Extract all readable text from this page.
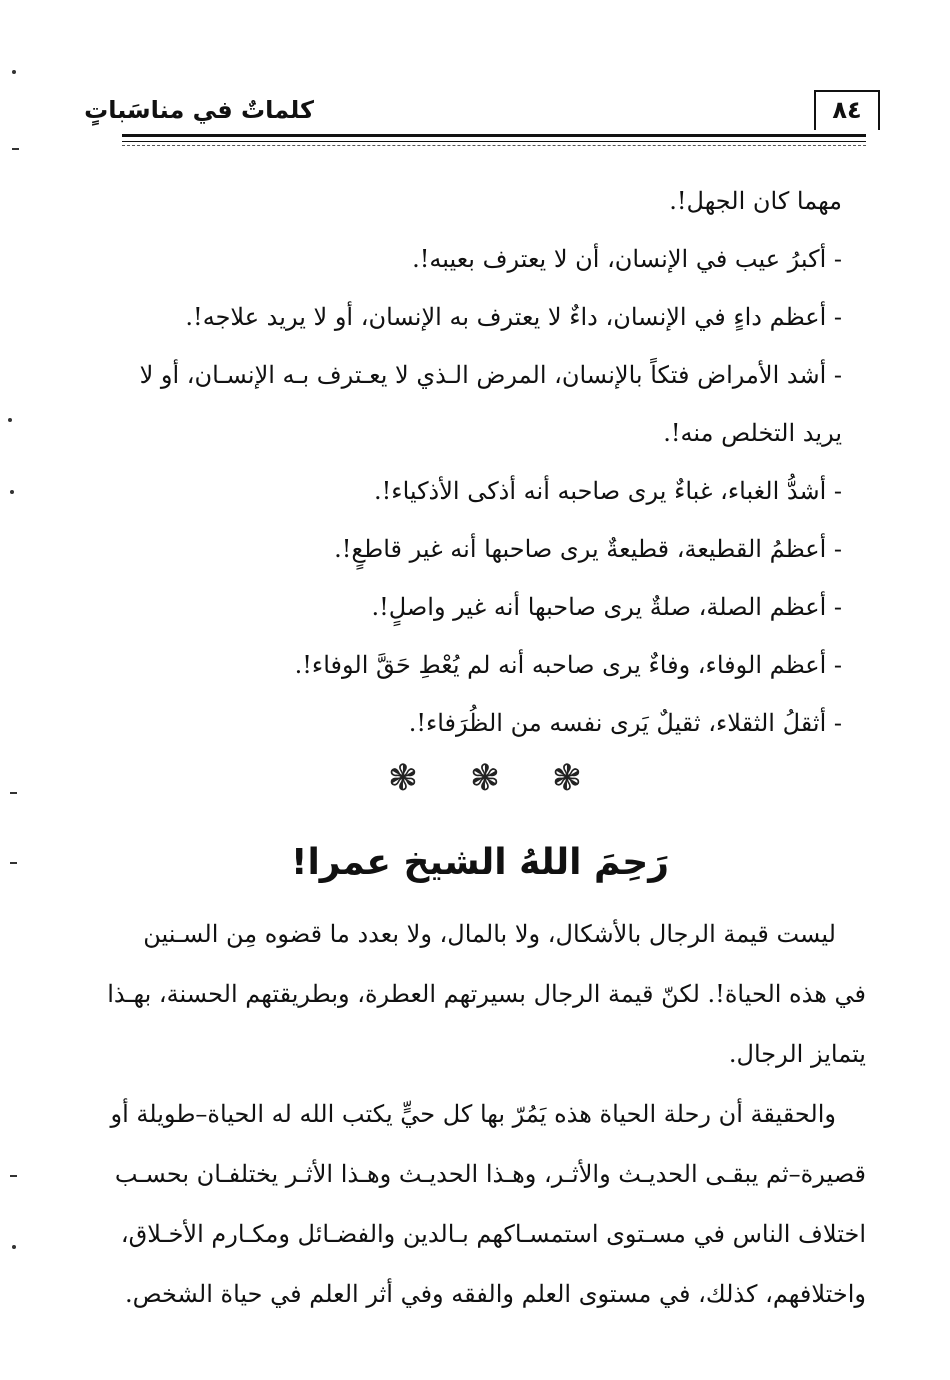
كلماتٌ في مناسَباتٍ	٨٤
مهما كان الجهل!.
- أكبرُ عيب في الإنسان، أن لا يعترف بعيبه!.
- أعظم داءٍ في الإنسان، داءٌ لا يعترف به الإنسان، أو لا يريد علاجه!.
- أشد الأمراض فتكاً بالإنسان، المرض الـذي لا يعـترف بـه الإنسـان، أو لا
يريد التخلص منه!.
- أشدُّ الغباء، غباءٌ يرى صاحبه أنه أذكى الأذكياء!.
- أعظمُ القطيعة، قطيعةٌ يرى صاحبها أنه غير قاطعٍ!.
- أعظم الصلة، صلةٌ يرى صاحبها أنه غير واصلٍ!.
- أعظم الوفاء، وفاءٌ يرى صاحبه أنه لم يُعْطِ حَقَّ الوفاء!.
- أثقلُ الثقلاء، ثقيلٌ يَرى نفسه من الظُرَفاء!.
❃ ❃ ❃
رَحِمَ اللهُ الشيخ عمرا!
ليست قيمة الرجال بالأشكال، ولا بالمال، ولا بعدد ما قضوه مِن السـنين
في هذه الحياة!. لكنّ قيمة الرجال بسيرتهم العطرة، وبطريقتهم الحسنة، بهـذا
يتمايز الرجال.
والحقيقة أن رحلة الحياة هذه يَمُرّ بها كل حيٍّ يكتب الله له الحياة–طويلة أو
قصيرة–ثم يبقـى الحديـث والأثـر، وهـذا الحديـث وهـذا الأثـر يختلفـان بحسـب
اختلاف الناس في مسـتوى استمسـاكهم بـالدين والفضـائل ومكـارم الأخـلاق،
واختلافهم، كذلك، في مستوى العلم والفقه وفي أثر العلم في حياة الشخص.
